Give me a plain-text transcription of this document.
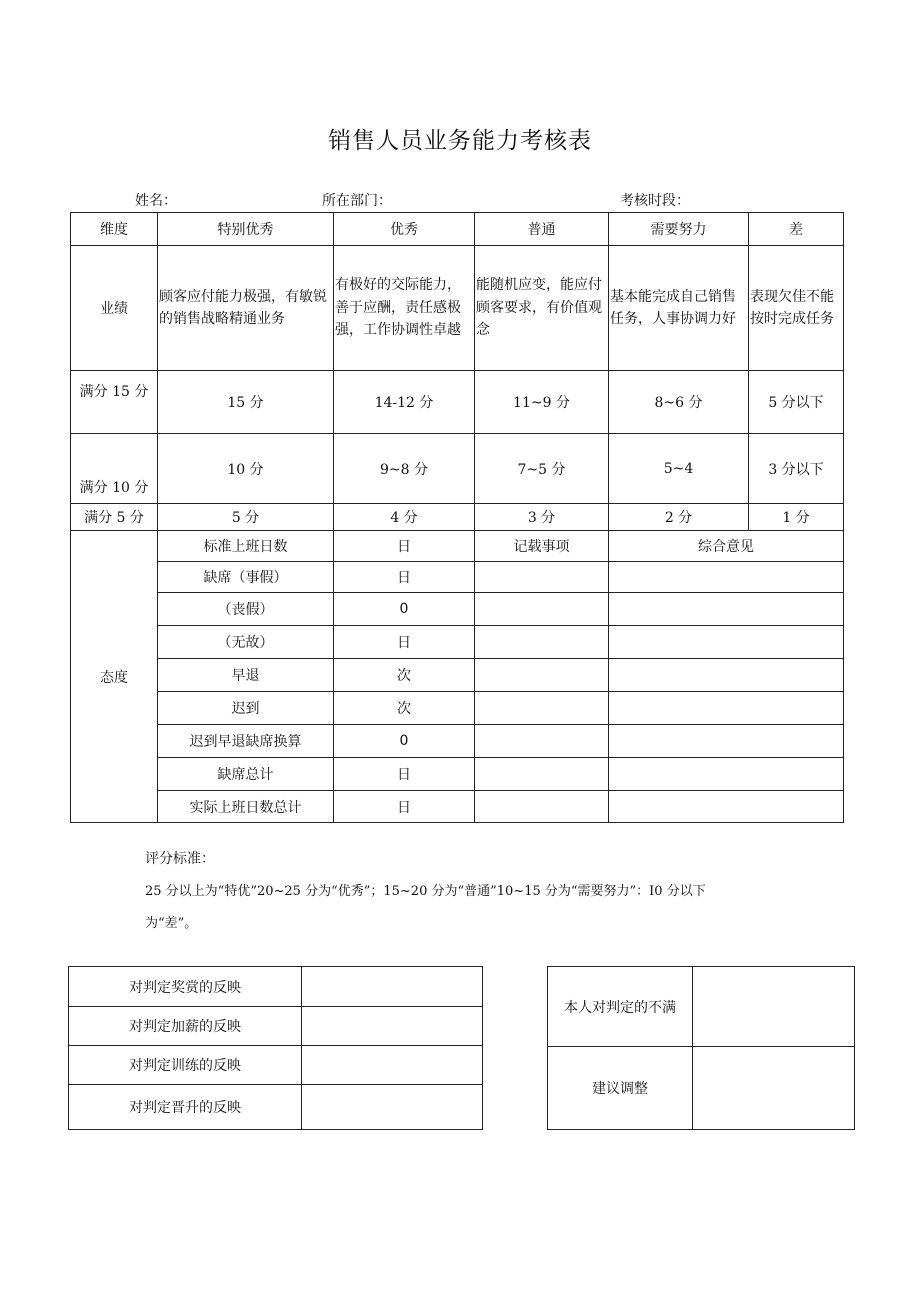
销售人员业务能力考核表
姓名：	所在部门：	考核时段：
维度	特别优秀	优秀	普通	需要努力	差
业绩	顾客应付能力极强，有敏锐的销售战略精通业务	有极好的交际能力，善于应酬，责任感极强，工作协调性卓越	能随机应变，能应付顾客要求，有价值观念	基本能完成自己销售任务，人事协调力好	表现欠佳不能按时完成任务
满分 15 分	15 分	14-12 分	11~9 分	8~6 分	5 分以下
满分 10 分	10 分	9~8 分	7~5 分	5~4	3 分以下
满分 5 分	5 分	4 分	3 分	2 分	1 分
态度	标准上班日数	日	记载事项	综合意见	
	缺席（事假）	日			
	（丧假）	0			
	（无故）	日			
	早退	次			
	迟到	次			
	迟到早退缺席换算	0			
	缺席总计	日			
	实际上班日数总计	日			
评分标准：
25 分以上为“特优”20~25 分为“优秀”；15~20 分为“普通”10~15 分为“需要努力”：I0 分以下
为“差”。
对判定奖赏的反映	
对判定加薪的反映	
对判定训练的反映	
对判定晋升的反映	
本人对判定的不满	
建议调整	
